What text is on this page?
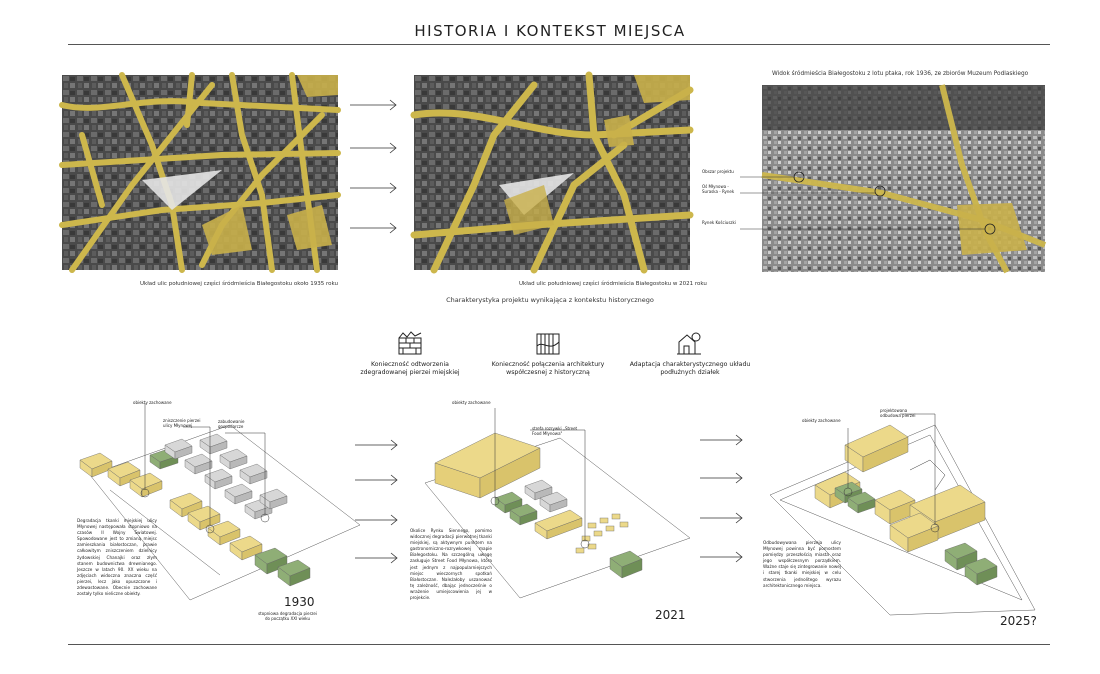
HISTORIA I KONTEKST MIEJSCA
Układ ulic południowej części śródmieścia Białegostoku około 1935 roku	Układ ulic południowej części śródmieścia Białegostoku w 2021 roku
Widok śródmieścia Białegostoku z lotu ptaka, rok 1936, ze zbiorów Muzeum Podlaskiego
Obszar projektu
Oś Młynowa - Suraska - Rynek
Rynek Kościuszki
Charakterystyka projektu wynikająca z kontekstu historycznego
Konieczność odtworzenia zdegradowanej pierzei miejskiej
Konieczność połączenia architektury współczesnej z historyczną
Adaptacja charakterystycznego układu podłużnych działek
obiekty zachowane
zniszczenie pierzei ulicy Młynowej
zabudowanie gospodarcze
Degradacja tkanki miejskiej ulicy Młynowej następowała stopniowo na czasów II Wojny Światowej. Spowodowane jest to zmianą miejsc zamieszkania białostoczan, prawie całkowitym zniszczeniem dzielnicy żydowskiej Chanajki oraz złym stanem budownictwa drewnianego. Jeszcze w latach 90. XX wieku na zdjęciach widoczna znaczna część pierzei, lecz jako opuszczone i zdewastowane. Obecnie zachowane zostały tylko nieliczne obiekty.
1930
stopniowa degradacja pierzei do początku XXI wieku
obiekty zachowane
strefa rozrywki „Street Food Młynowa"
Okolice Rynku Siennego, pomimo widocznej degradacji pierwotnej tkanki miejskiej, są aktywnym punktem na gastronomiczno-rozrywkowej mapie Białegostoku. Na szczególną uwagę zasługuje Street Food Młynowa, która jest jednym z najpopularniejszych miejsc wieczornych spotkań Białostoczan. Należałoby uszanować tę zależność, dbając jednocześnie o wrażenie umiejscowienia jej w projekcie.
2021
obiekty zachowane
projektowana odbudowa pierzei
Odbudowywana pierzeja ulicy Młynowej powinna być pomostem pomiędzy przeszłością miasta oraz jego współczesnym porządkiem. Ważne staje się zintegrowanie nowej i starej tkanki miejskiej w celu stworzenia jednolitego wyrazu architektonicznego miejsca.
2025?
